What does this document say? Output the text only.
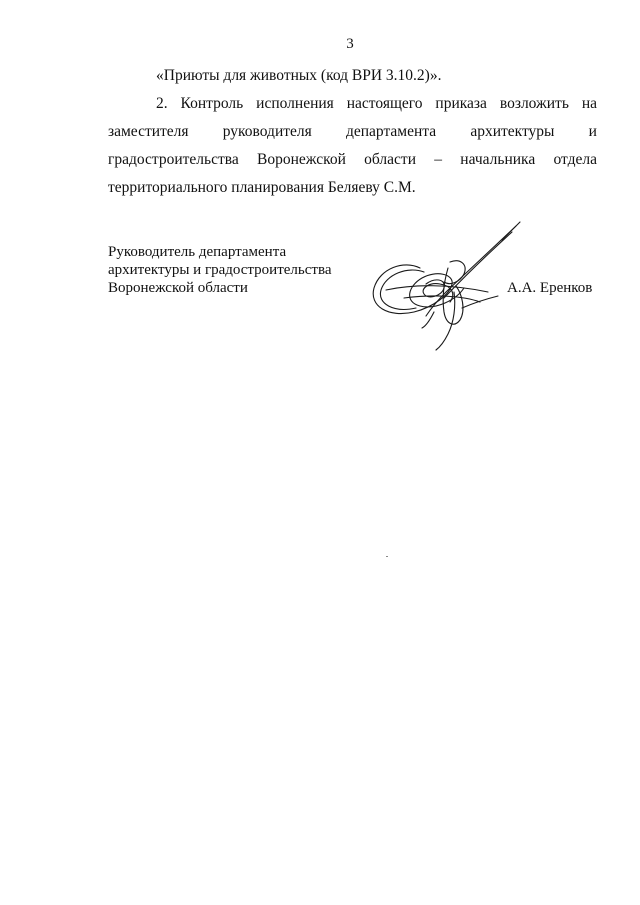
3
«Приюты для животных (код ВРИ 3.10.2)».
2. Контроль исполнения настоящего приказа возложить на
заместителя руководителя департамента архитектуры и
градостроительства Воронежской области – начальника отдела
территориального планирования Беляеву С.М.
Руководитель департамента
архитектуры и градостроительства
Воронежской области	А.А. Еренков
